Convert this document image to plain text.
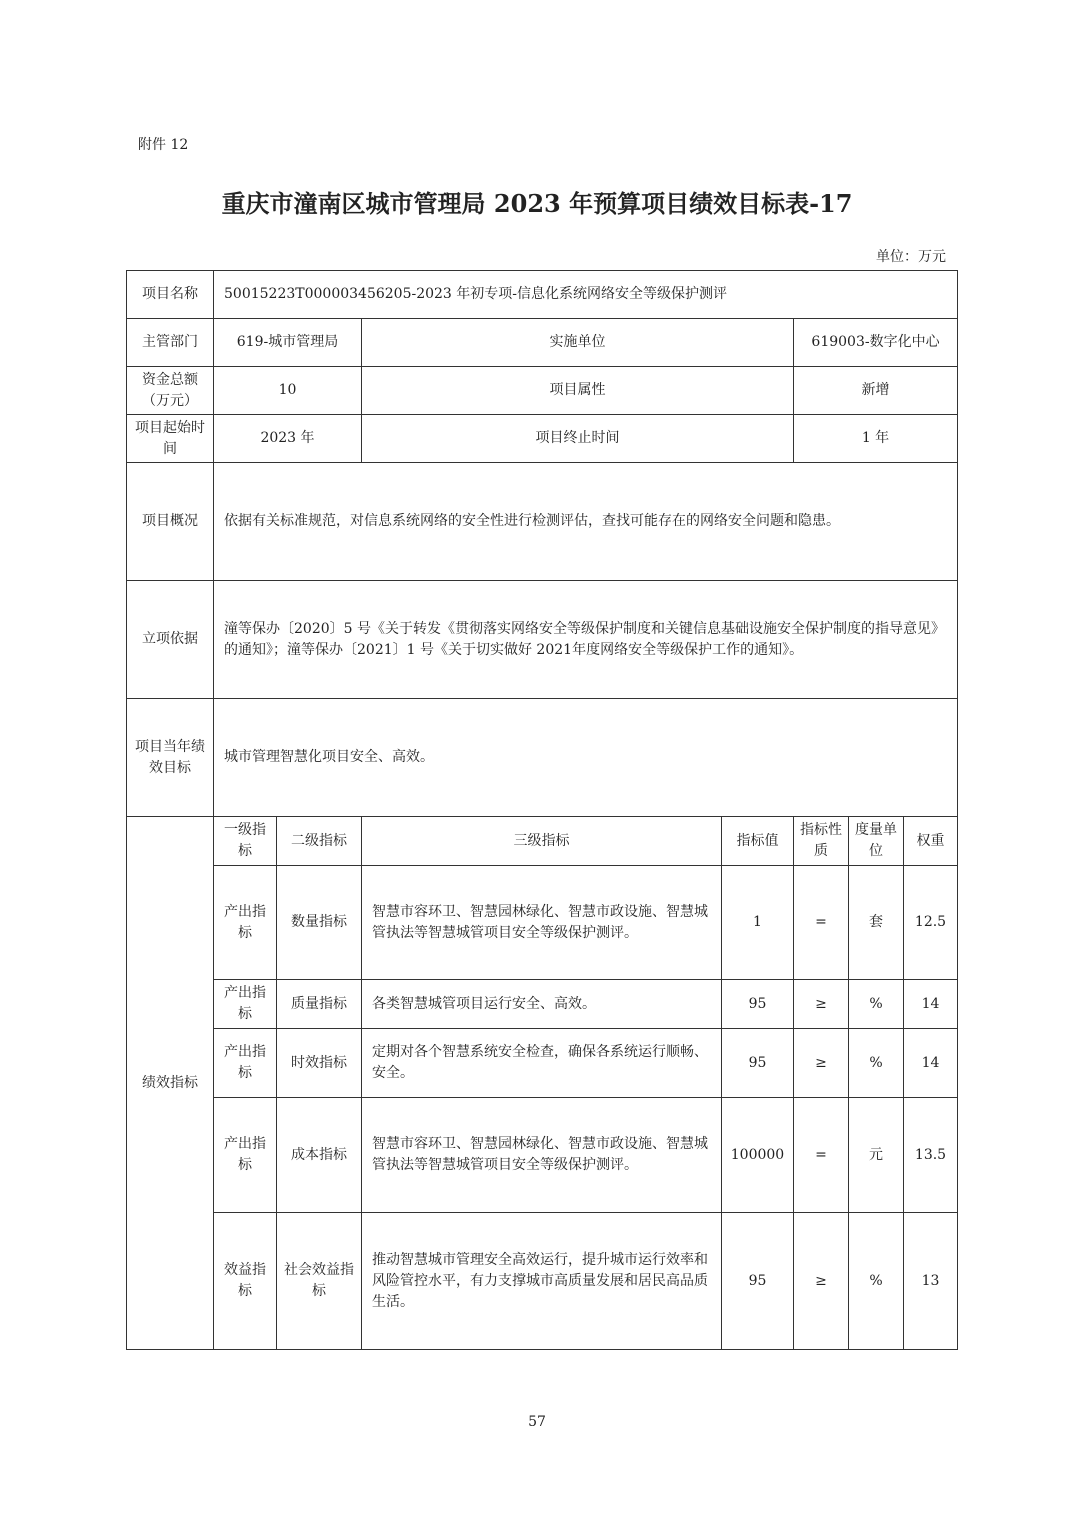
附件 12
重庆市潼南区城市管理局 2023 年预算项目绩效目标表-17
单位：万元
项目名称	50015223T000003456205-2023 年初专项-信息化系统网络安全等级保护测评						
主管部门	619-城市管理局		实施单位		619003-数字化中心		
资金总额（万元）	10		项目属性		新增		
项目起始时间	2023 年		项目终止时间		1 年		
项目概况	依据有关标准规范，对信息系统网络的安全性进行检测评估，查找可能存在的网络安全问题和隐患。						
立项依据	潼等保办〔2020〕5 号《关于转发《贯彻落实网络安全等级保护制度和关键信息基础设施安全保护制度的指导意见》的通知》；潼等保办〔2021〕1 号《关于切实做好 2021年度网络安全等级保护工作的通知》。						
项目当年绩效目标	城市管理智慧化项目安全、高效。						
绩效指标	一级指标	二级指标	三级指标	指标值	指标性质	度量单位	权重
	产出指标	数量指标	智慧市容环卫、智慧园林绿化、智慧市政设施、智慧城管执法等智慧城管项目安全等级保护测评。	1	=	套	12.5
	产出指标	质量指标	各类智慧城管项目运行安全、高效。	95	≥	%	14
	产出指标	时效指标	定期对各个智慧系统安全检查，确保各系统运行顺畅、安全。	95	≥	%	14
	产出指标	成本指标	智慧市容环卫、智慧园林绿化、智慧市政设施、智慧城管执法等智慧城管项目安全等级保护测评。	100000	=	元	13.5
	效益指标	社会效益指标	推动智慧城市管理安全高效运行，提升城市运行效率和风险管控水平，有力支撑城市高质量发展和居民高品质生活。	95	≥	%	13
57
